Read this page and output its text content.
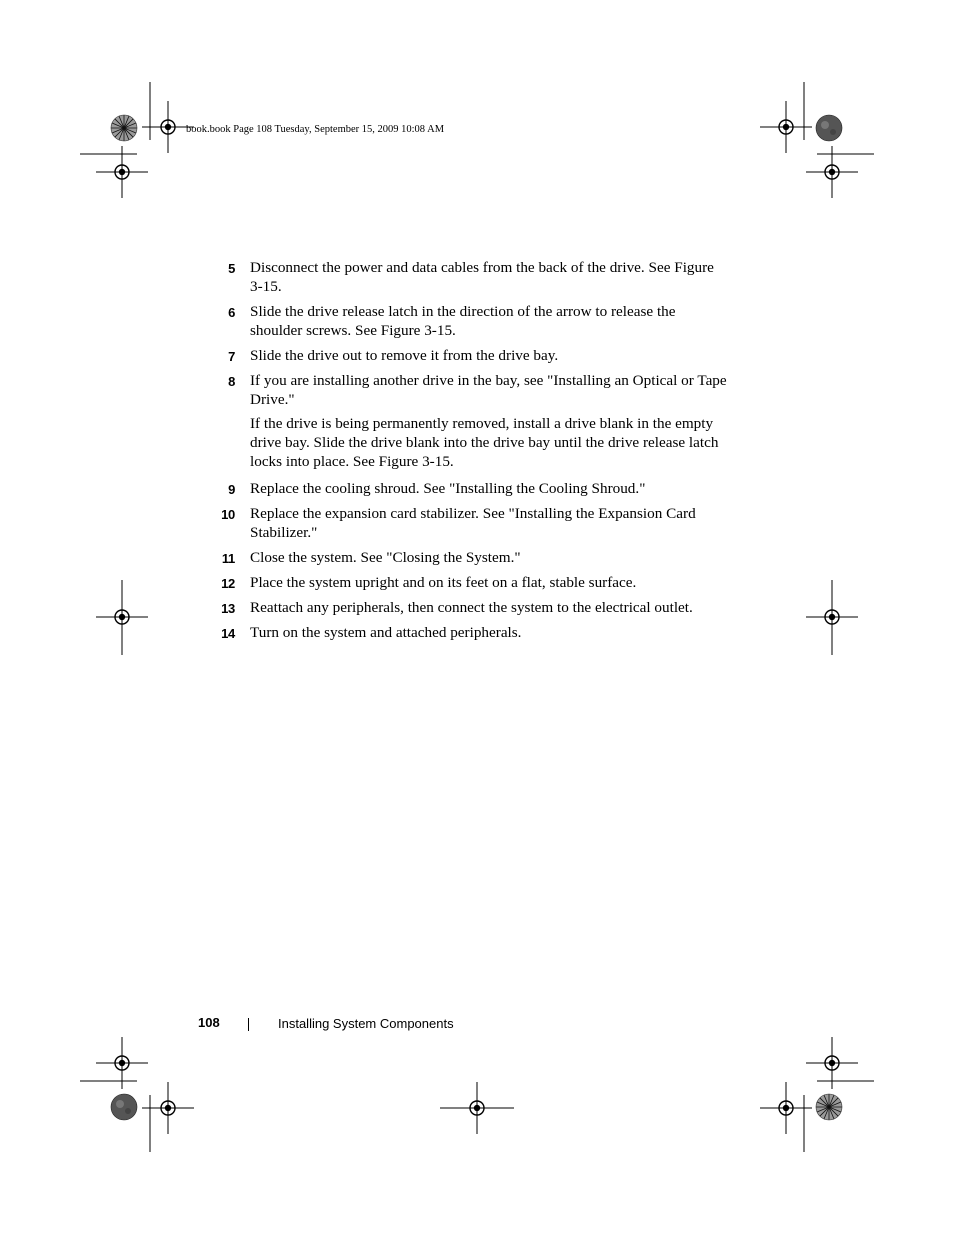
book.book Page 108 Tuesday, September 15, 2009 10:08 AM
5 Disconnect the power and data cables from the back of the drive. See Figure 3-15.
6 Slide the drive release latch in the direction of the arrow to release the shoulder screws. See Figure 3-15.
7 Slide the drive out to remove it from the drive bay.
8 If you are installing another drive in the bay, see "Installing an Optical or Tape Drive."
If the drive is being permanently removed, install a drive blank in the empty drive bay. Slide the drive blank into the drive bay until the drive release latch locks into place. See Figure 3-15.
9 Replace the cooling shroud. See "Installing the Cooling Shroud."
10 Replace the expansion card stabilizer. See "Installing the Expansion Card Stabilizer."
11 Close the system. See "Closing the System."
12 Place the system upright and on its feet on a flat, stable surface.
13 Reattach any peripherals, then connect the system to the electrical outlet.
14 Turn on the system and attached peripherals.
108	Installing System Components
